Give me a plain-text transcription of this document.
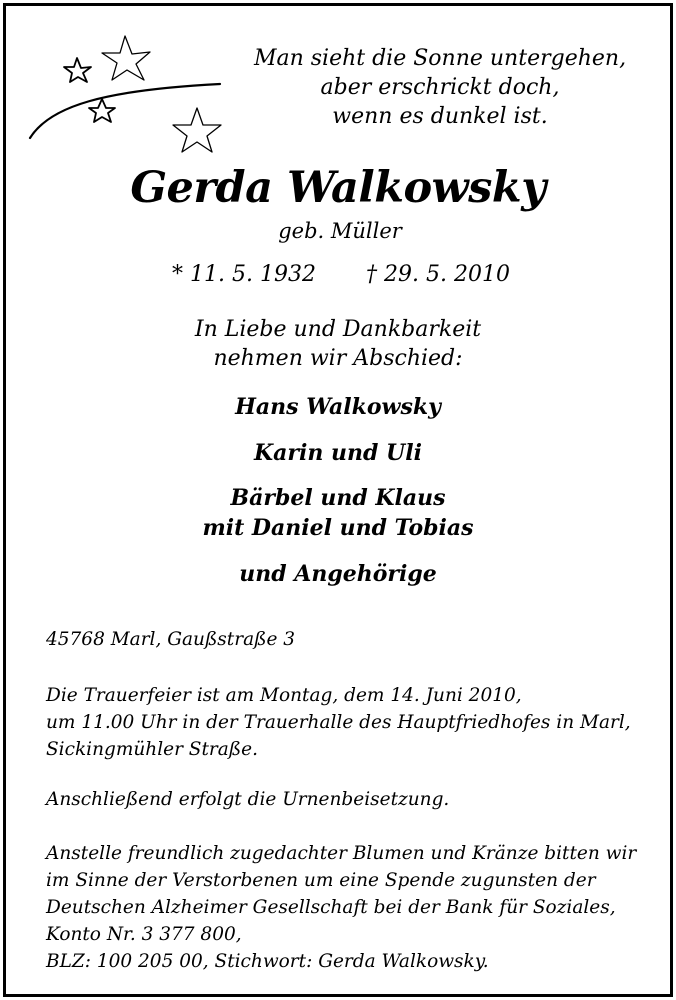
Man sieht die Sonne untergehen,
aber erschrickt doch,
wenn es dunkel ist.
Gerda Walkowsky
geb. Müller
* 11. 5. 1932 † 29. 5. 2010
In Liebe und Dankbarkeit
nehmen wir Abschied:
Hans Walkowsky
Karin und Uli
Bärbel und Klaus
mit Daniel und Tobias
und Angehörige
45768 Marl, Gaußstraße 3
Die Trauerfeier ist am Montag, dem 14. Juni 2010,
um 11.00 Uhr in der Trauerhalle des Hauptfriedhofes in Marl,
Sickingmühler Straße.
Anschließend erfolgt die Urnenbeisetzung.
Anstelle freundlich zugedachter Blumen und Kränze bitten wir
im Sinne der Verstorbenen um eine Spende zugunsten der
Deutschen Alzheimer Gesellschaft bei der Bank für Soziales,
Konto Nr. 3 377 800,
BLZ: 100 205 00, Stichwort: Gerda Walkowsky.
